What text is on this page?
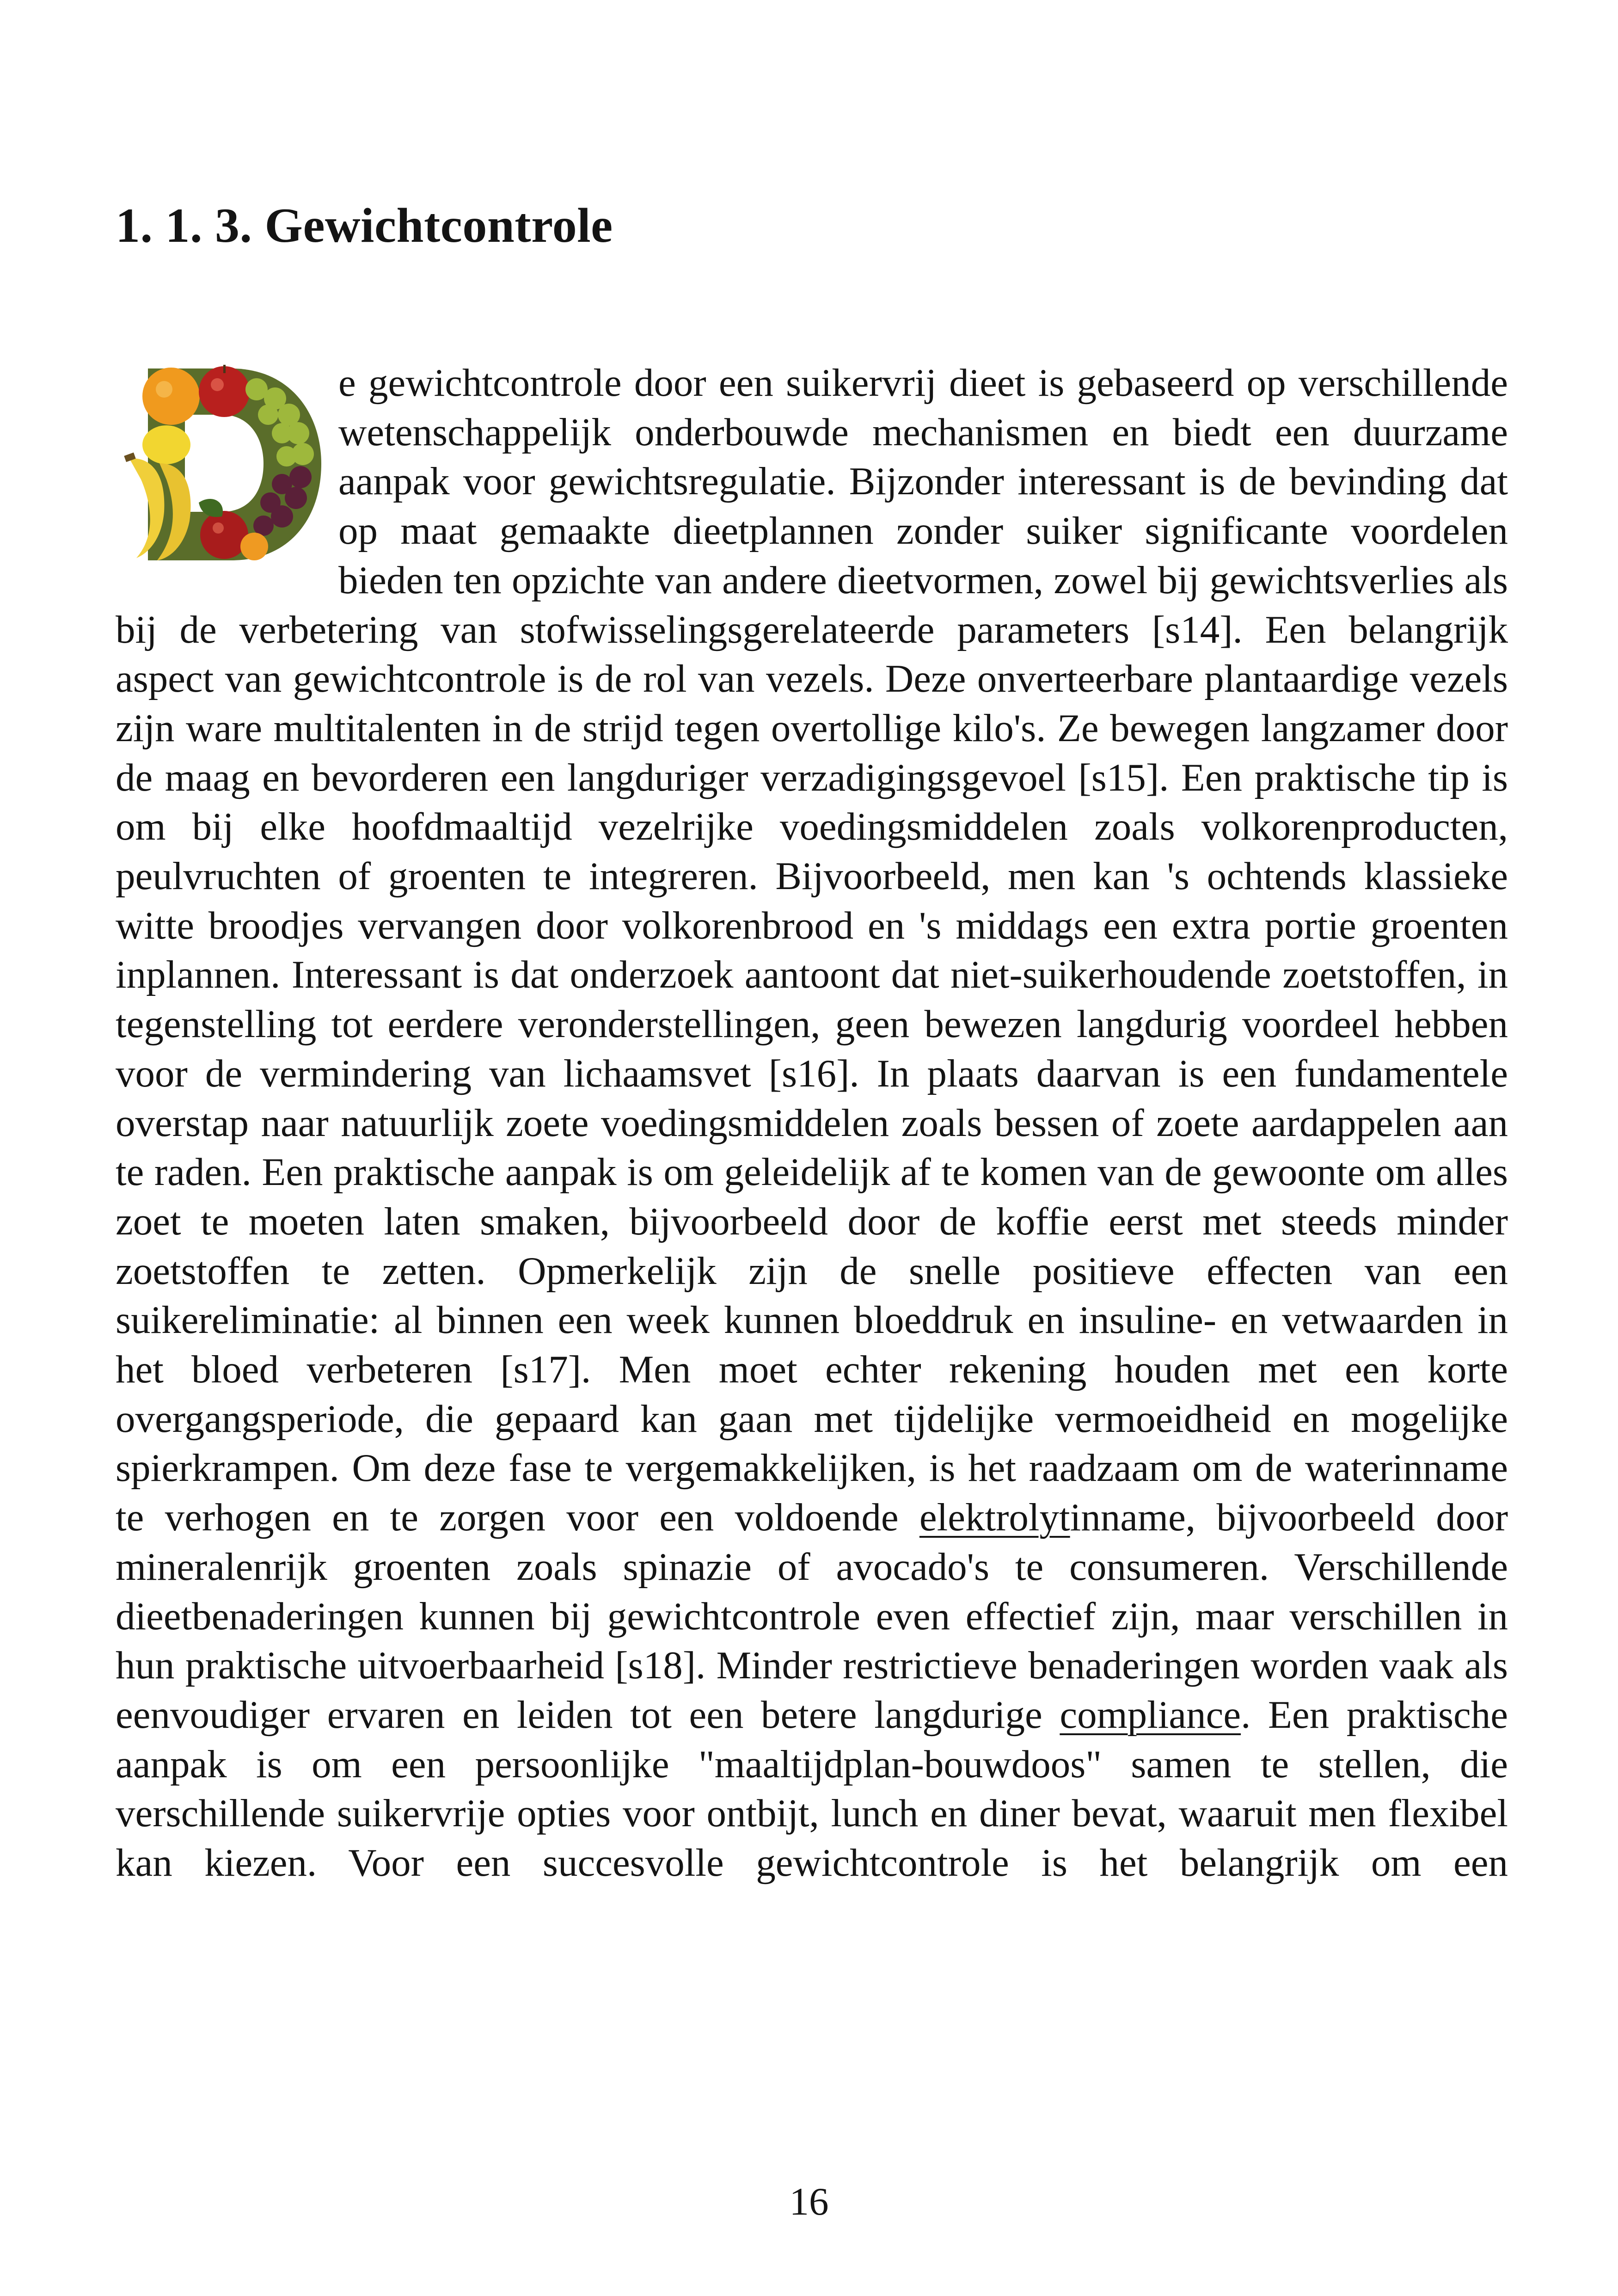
1. 1. 3. Gewichtcontrole

e gewichtcontrole door een suikervrij dieet is gebaseerd op verschillende wetenschappelijk onderbouwde mechanismen en biedt een duurzame aanpak voor gewichtsregulatie. Bijzonder interessant is de bevinding dat op maat gemaakte dieetplannen zonder suiker significante voordelen bieden ten opzichte van andere dieetvormen, zowel bij gewichtsverlies als bij de verbetering van stofwisselingsgerelateerde parameters [s14]. Een belangrijk aspect van gewichtcontrole is de rol van vezels. Deze onverteerbare plantaardige vezels zijn ware multitalenten in de strijd tegen overtollige kilo's. Ze bewegen langzamer door de maag en bevorderen een langduriger verzadigingsgevoel [s15]. Een praktische tip is om bij elke hoofdmaaltijd vezelrijke voedingsmiddelen zoals volkorenproducten, peulvruchten of groenten te integreren. Bijvoorbeeld, men kan 's ochtends klassieke witte broodjes vervangen door volkorenbrood en 's middags een extra portie groenten inplannen. Interessant is dat onderzoek aantoont dat niet-suikerhoudende zoetstoffen, in tegenstelling tot eerdere veronderstellingen, geen bewezen langdurig voordeel hebben voor de vermindering van lichaamsvet [s16]. In plaats daarvan is een fundamentele overstap naar natuurlijk zoete voedingsmiddelen zoals bessen of zoete aardappelen aan te raden. Een praktische aanpak is om geleidelijk af te komen van de gewoonte om alles zoet te moeten laten smaken, bijvoorbeeld door de koffie eerst met steeds minder zoetstoffen te zetten. Opmerkelijk zijn de snelle positieve effecten van een suikereliminatie: al binnen een week kunnen bloeddruk en insuline- en vetwaarden in het bloed verbeteren [s17]. Men moet echter rekening houden met een korte overgangsperiode, die gepaard kan gaan met tijdelijke vermoeidheid en mogelijke spierkrampen. Om deze fase te vergemakkelijken, is het raadzaam om de waterinname te verhogen en te zorgen voor een voldoende elektrolytinname, bijvoorbeeld door mineralenrijk groenten zoals spinazie of avocado's te consumeren. Verschillende dieetbenaderingen kunnen bij gewichtcontrole even effectief zijn, maar verschillen in hun praktische uitvoerbaarheid [s18]. Minder restrictieve benaderingen worden vaak als eenvoudiger ervaren en leiden tot een betere langdurige compliance. Een praktische aanpak is om een persoonlijke "maaltijdplan-bouwdoos" samen te stellen, die verschillende suikervrije opties voor ontbijt, lunch en diner bevat, waaruit men flexibel kan kiezen. Voor een succesvolle gewichtcontrole is het belangrijk om een

16
